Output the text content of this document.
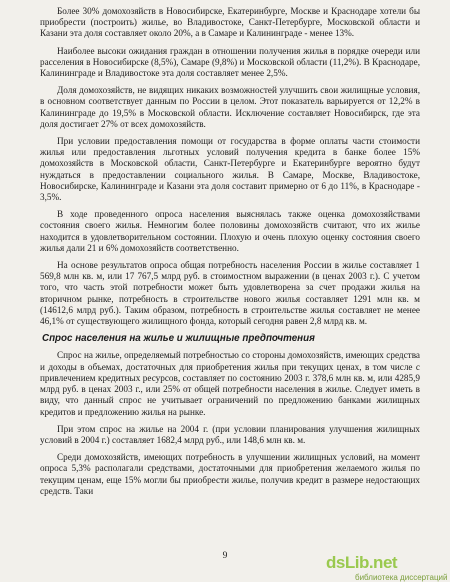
Более 30% домохозяйств в Новосибирске, Екатеринбурге, Москве и Краснодаре хотели бы приобрести (построить) жилье, во Владивостоке, Санкт-Петербурге, Московской области и Казани эта доля составляет около 20%, а в Самаре и Калининграде - менее 13%.

Наиболее высоки ожидания граждан в отношении получения жилья в порядке очереди или расселения в Новосибирске (8,5%), Самаре (9,8%) и Московской области (11,2%). В Краснодаре, Калининграде и Владивостоке эта доля составляет менее 2,5%.

Доля домохозяйств, не видящих никаких возможностей улучшить свои жилищные условия, в основном соответствует данным по России в целом. Этот показатель варьируется от 12,2% в Калининграде до 19,5% в Московской области. Исключение составляет Новосибирск, где эта доля достигает 27% от всех домохозяйств.

При условии предоставления помощи от государства в форме оплаты части стоимости жилья или предоставления льготных условий получения кредита в банке более 15% домохозяйств в Московской области, Санкт-Петербурге и Екатеринбурге вероятно будут нуждаться в предоставлении социального жилья. В Самаре, Москве, Владивостоке, Новосибирске, Калининграде и Казани эта доля составит примерно от 6 до 11%, в Краснодаре - 3,5%.

В ходе проведенного опроса населения выяснялась также оценка домохозяйствами состояния своего жилья. Немногим более половины домохозяйств считают, что их жилье находится в удовлетворительном состоянии. Плохую и очень плохую оценку состояния своего жилья дали 21 и 6% домохозяйств соответственно.

На основе результатов опроса общая потребность населения России в жилье составляет 1 569,8 млн кв. м, или 17 767,5 млрд руб. в стоимостном выражении (в ценах 2003 г.). С учетом того, что часть этой потребности может быть удовлетворена за счет продажи жилья на вторичном рынке, потребность в строительстве нового жилья составляет 1291 млн кв. м (14612,6 млрд руб.). Таким образом, потребность в строительстве жилья составляет не менее 46,1% от существующего жилищного фонда, который сегодня равен 2,8 млрд кв. м.

Спрос населения на жилье и жилищные предпочтения

Спрос на жилье, определяемый потребностью со стороны домохозяйств, имеющих средства и доходы в объемах, достаточных для приобретения жилья при текущих ценах, в том числе с привлечением кредитных ресурсов, составляет по состоянию 2003 г. 378,6 млн кв. м, или 4285,9 млрд руб. в ценах 2003 г., или 25% от общей потребности населения в жилье. Следует иметь в виду, что данный спрос не учитывает ограничений по предложению банками жилищных кредитов и предложению жилья на рынке.

При этом спрос на жилье на 2004 г. (при условии планирования улучшения жилищных условий в 2004 г.) составляет 1682,4 млрд руб., или 148,6 млн кв. м.

Среди домохозяйств, имеющих потребность в улучшении жилищных условий, на момент опроса 5,3% располагали средствами, достаточными для приобретения желаемого жилья по текущим ценам, еще 15% могли бы приобрести жилье, получив кредит в размере недостающих средств. Таки

9	dsLib.net
библиотека диссертаций
